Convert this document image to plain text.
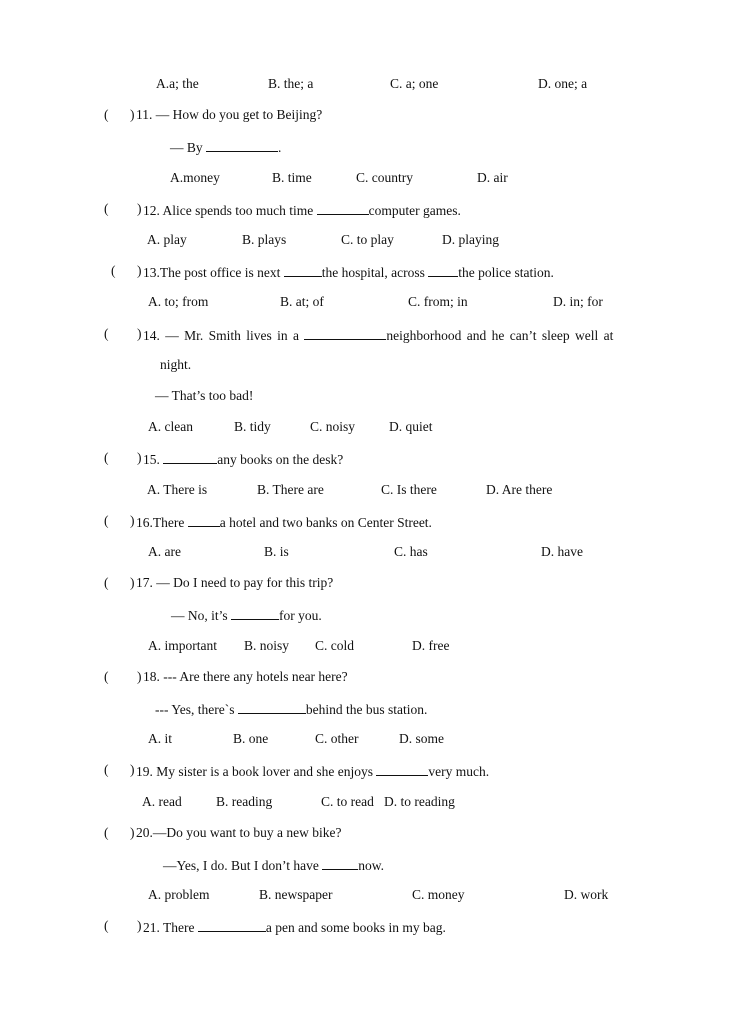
A.a; the	B. the; a	C. a; one	D. one; a
( ) 11. — How do you get to Beijing?
— By	.
A.money	B. time	C. country	D. air
( ) 12. Alice spends too much time	computer games.
A. play	B. plays	C. to play	D. playing
( ) 13.The post office is next	the hospital, across the police station.
A. to; from	B. at; of	C. from; in	D. in; for
( ) 14. — Mr. Smith lives in a	neighborhood and he can’t sleep well at
night.
— That’s too bad!
A. clean	B. tidy	C. noisy	D. quiet
( ) 15.	any books on the desk?
A. There is	B. There are	C. Is there	D. Are there
( ) 16.There	a hotel and two banks on Center Street.
A. are	B. is	C. has	D. have
( ) 17. — Do I need to pay for this trip?
— No, it’s	for you.
A. important B. noisy C. cold	D. free
( ) 18. --- Are there any hotels near here?
--- Yes, there`s	behind the bus station.
A. it	B. one	C. other	D. some
( ) 19. My sister is a book lover and she enjoys	very much.
A. read	B. reading	C. to read D. to reading
( ) 20.—Do you want to buy a new bike?
—Yes, I do. But I don’t have	now.
A. problem	B. newspaper	C. money	D. work
( ) 21. There	a pen and some books in my bag.
